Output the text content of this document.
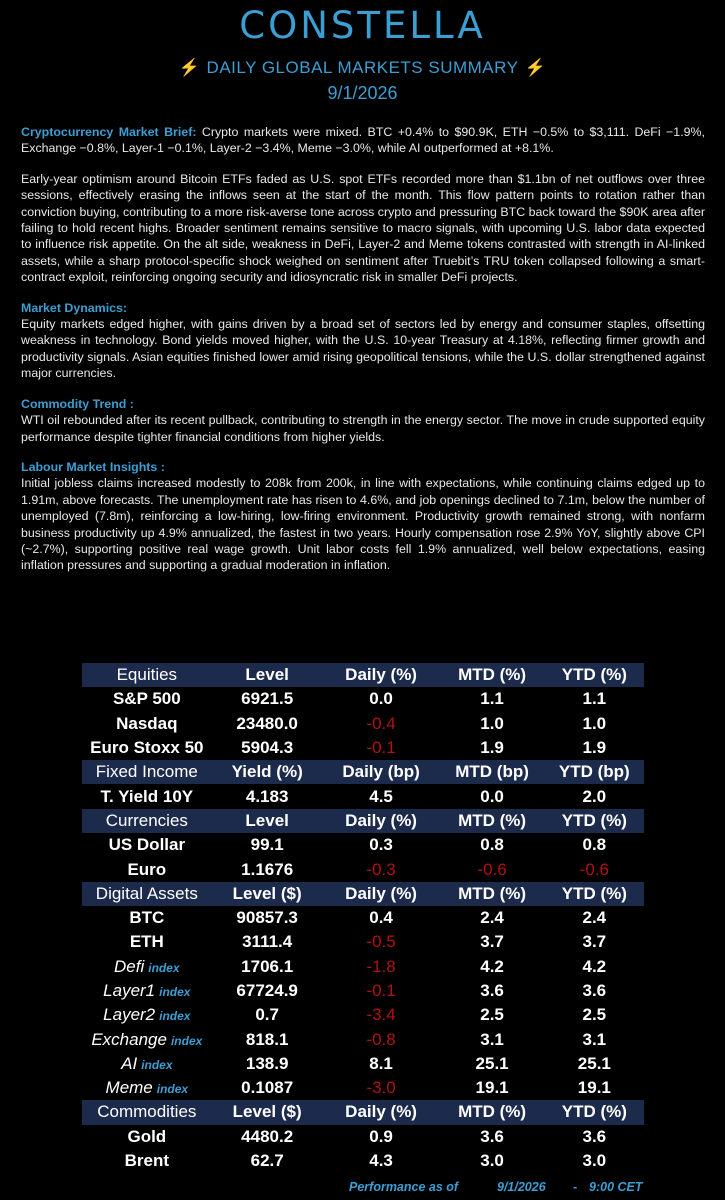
CONSTELLA
⚡ DAILY GLOBAL MARKETS SUMMARY ⚡
9/1/2026

Cryptocurrency Market Brief: Crypto markets were mixed. BTC +0.4% to $90.9K, ETH −0.5% to $3,111. DeFi −1.9%, Exchange −0.8%, Layer-1 −0.1%, Layer-2 −3.4%, Meme −3.0%, while AI outperformed at +8.1%.

Early-year optimism around Bitcoin ETFs faded as U.S. spot ETFs recorded more than $1.1bn of net outflows over three sessions, effectively erasing the inflows seen at the start of the month. This flow pattern points to rotation rather than conviction buying, contributing to a more risk-averse tone across crypto and pressuring BTC back toward the $90K area after failing to hold recent highs. Broader sentiment remains sensitive to macro signals, with upcoming U.S. labor data expected to influence risk appetite. On the alt side, weakness in DeFi, Layer-2 and Meme tokens contrasted with strength in AI-linked assets, while a sharp protocol-specific shock weighed on sentiment after Truebit’s TRU token collapsed following a smart-contract exploit, reinforcing ongoing security and idiosyncratic risk in smaller DeFi projects.

Market Dynamics:
Equity markets edged higher, with gains driven by a broad set of sectors led by energy and consumer staples, offsetting weakness in technology. Bond yields moved higher, with the U.S. 10-year Treasury at 4.18%, reflecting firmer growth and productivity signals. Asian equities finished lower amid rising geopolitical tensions, while the U.S. dollar strengthened against major currencies.

Commodity Trend :
WTI oil rebounded after its recent pullback, contributing to strength in the energy sector. The move in crude supported equity performance despite tighter financial conditions from higher yields.

Labour Market Insights :
Initial jobless claims increased modestly to 208k from 200k, in line with expectations, while continuing claims edged up to 1.91m, above forecasts. The unemployment rate has risen to 4.6%, and job openings declined to 7.1m, below the number of unemployed (7.8m), reinforcing a low-hiring, low-firing environment. Productivity growth remained strong, with nonfarm business productivity up 4.9% annualized, the fastest in two years. Hourly compensation rose 2.9% YoY, slightly above CPI (~2.7%), supporting positive real wage growth. Unit labor costs fell 1.9% annualized, well below expectations, easing inflation pressures and supporting a gradual moderation in inflation.

Equities	Level	Daily (%)	MTD (%)	YTD (%)
S&P 500	6921.5	0.0	1.1	1.1
Nasdaq	23480.0	-0.4	1.0	1.0
Euro Stoxx 50	5904.3	-0.1	1.9	1.9
Fixed Income	Yield (%)	Daily (bp)	MTD (bp)	YTD (bp)
T. Yield 10Y	4.183	4.5	0.0	2.0
Currencies	Level	Daily (%)	MTD (%)	YTD (%)
US Dollar	99.1	0.3	0.8	0.8
Euro	1.1676	-0.3	-0.6	-0.6
Digital Assets	Level ($)	Daily (%)	MTD (%)	YTD (%)
BTC	90857.3	0.4	2.4	2.4
ETH	3111.4	-0.5	3.7	3.7
Defi index	1706.1	-1.8	4.2	4.2
Layer1 index	67724.9	-0.1	3.6	3.6
Layer2 index	0.7	-3.4	2.5	2.5
Exchange index	818.1	-0.8	3.1	3.1
AI index	138.9	8.1	25.1	25.1
Meme index	0.1087	-3.0	19.1	19.1
Commodities	Level ($)	Daily (%)	MTD (%)	YTD (%)
Gold	4480.2	0.9	3.6	3.6
Brent	62.7	4.3	3.0	3.0
Performance as of	9/1/2026 - 9:00 CET
